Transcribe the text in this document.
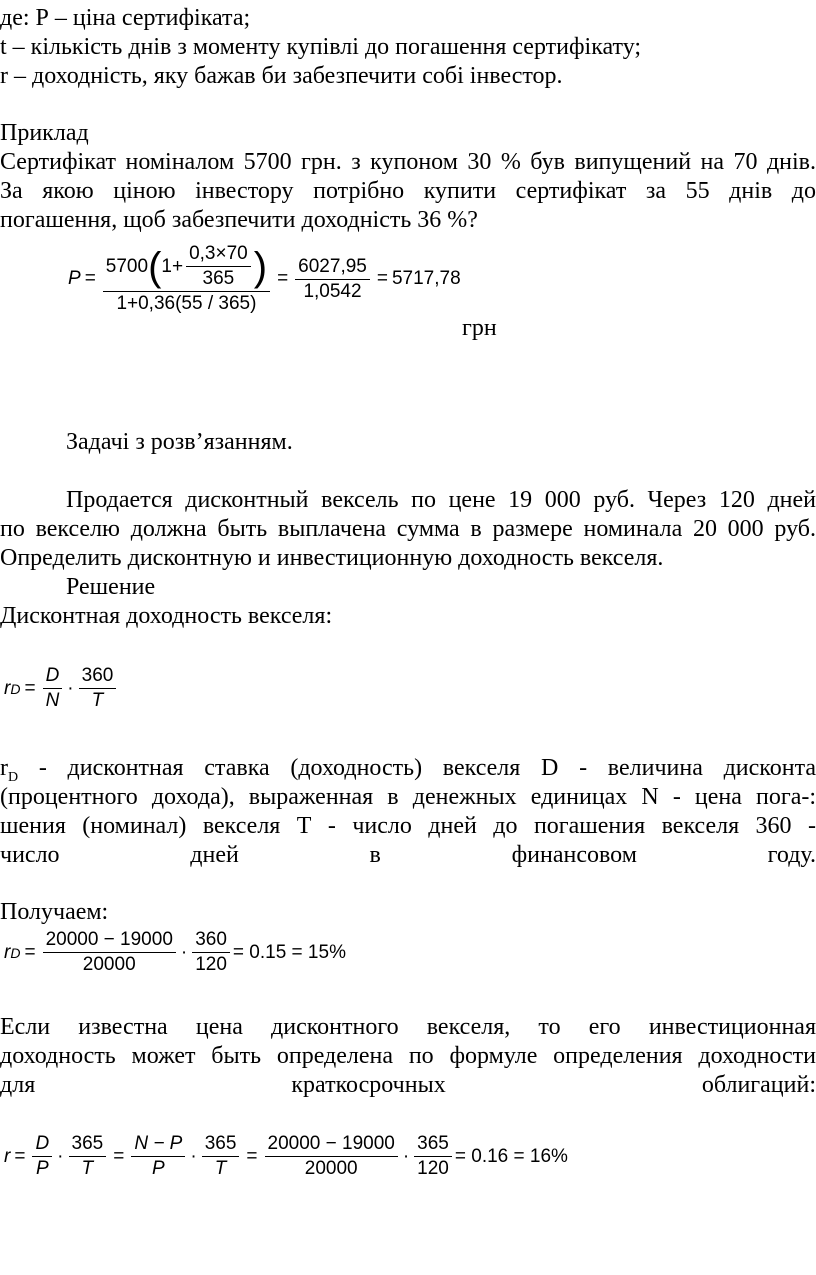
де: Р – ціна сертифіката;
t – кількість днів з моменту купівлі до погашення сертифікату;
r – доходність, яку бажав би забезпечити собі інвестор.
Приклад
Сертифікат номіналом 5700 грн. з купоном 30 % був випущений на 70 днів.
За якою ціною інвестору потрібно купити сертифікат за 55 днів до
погашення, щоб забезпечити доходність 36 %?
$P = \frac{5700 ( 1+ \frac{0,3\times 70}{365} )}{1+0,36(55 / 365)} = \frac{6027,95}{1,0542} = 5717,78$
грн
Задачі з розв’язанням.
Продается дисконтный вексель по цене 19 000 руб. Через 120 дней
по векселю должна быть выплачена сумма в размере номинала 20 000 руб.
Определить дисконтную и инвестиционную доходность векселя.
Решение
Дисконтная доходность векселя:
r $D = \frac{D}{N}$ ·
360
T
$r_D$ - дисконтная ставка (доходность) векселя D - величина дисконта
(процентного дохода), выраженная в денежных единицах N - цена пога-:
шения (номинал) векселя Т - число дней до погашения векселя 360 -
число дней в финансовом году.
Получаем:
r $D = \frac{20000 - 19000}{20000} \cdot \frac{360}{120} = 0.15 = 15\%$
Если известна цена дисконтного векселя, то его инвестиционная
доходность может быть определена по формуле определения доходности
для краткосрочных облигаций:
$r = \frac{D}{P} \cdot \frac{365}{T} = \frac{N - P}{P} \cdot \frac{365}{T} = \frac{20000 - 19000}{20000} \cdot \frac{365}{120} = 0.16 = 16\%$
